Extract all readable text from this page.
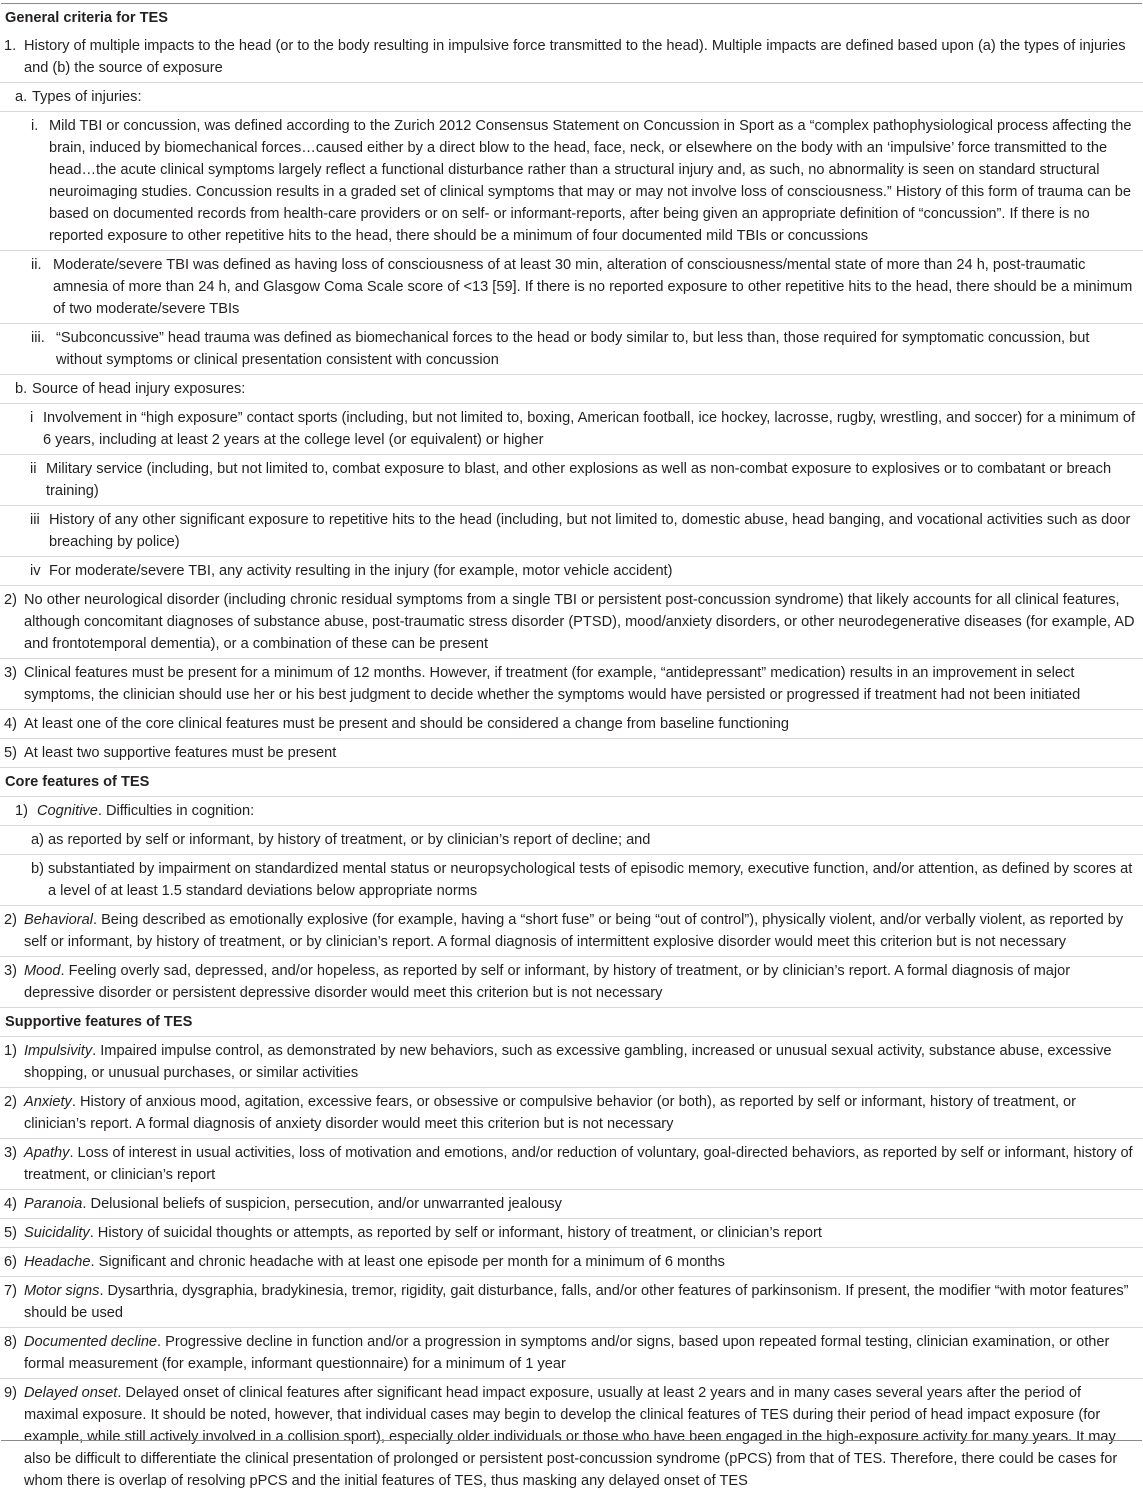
General criteria for TES
1. History of multiple impacts to the head (or to the body resulting in impulsive force transmitted to the head). Multiple impacts are defined based upon (a) the types of injuries and (b) the source of exposure
a. Types of injuries:
i. Mild TBI or concussion, was defined according to the Zurich 2012 Consensus Statement on Concussion in Sport as a “complex pathophysiological process affecting the brain, induced by biomechanical forces…caused either by a direct blow to the head, face, neck, or elsewhere on the body with an ‘impulsive’ force transmitted to the head…the acute clinical symptoms largely reflect a functional disturbance rather than a structural injury and, as such, no abnormality is seen on standard structural neuroimaging studies. Concussion results in a graded set of clinical symptoms that may or may not involve loss of consciousness.” History of this form of trauma can be based on documented records from health-care providers or on self- or informant-reports, after being given an appropriate definition of “concussion”. If there is no reported exposure to other repetitive hits to the head, there should be a minimum of four documented mild TBIs or concussions
ii. Moderate/severe TBI was defined as having loss of consciousness of at least 30 min, alteration of consciousness/mental state of more than 24 h, post-traumatic amnesia of more than 24 h, and Glasgow Coma Scale score of <13 [59]. If there is no reported exposure to other repetitive hits to the head, there should be a minimum of two moderate/severe TBIs
iii. “Subconcussive” head trauma was defined as biomechanical forces to the head or body similar to, but less than, those required for symptomatic concussion, but without symptoms or clinical presentation consistent with concussion
b. Source of head injury exposures:
i Involvement in “high exposure” contact sports (including, but not limited to, boxing, American football, ice hockey, lacrosse, rugby, wrestling, and soccer) for a minimum of 6 years, including at least 2 years at the college level (or equivalent) or higher
ii Military service (including, but not limited to, combat exposure to blast, and other explosions as well as non-combat exposure to explosives or to combatant or breach training)
iii History of any other significant exposure to repetitive hits to the head (including, but not limited to, domestic abuse, head banging, and vocational activities such as door breaching by police)
iv For moderate/severe TBI, any activity resulting in the injury (for example, motor vehicle accident)
2) No other neurological disorder (including chronic residual symptoms from a single TBI or persistent post-concussion syndrome) that likely accounts for all clinical features, although concomitant diagnoses of substance abuse, post-traumatic stress disorder (PTSD), mood/anxiety disorders, or other neurodegenerative diseases (for example, AD and frontotemporal dementia), or a combination of these can be present
3) Clinical features must be present for a minimum of 12 months. However, if treatment (for example, “antidepressant” medication) results in an improvement in select symptoms, the clinician should use her or his best judgment to decide whether the symptoms would have persisted or progressed if treatment had not been initiated
4) At least one of the core clinical features must be present and should be considered a change from baseline functioning
5) At least two supportive features must be present
Core features of TES
1) Cognitive. Difficulties in cognition:
a) as reported by self or informant, by history of treatment, or by clinician’s report of decline; and
b) substantiated by impairment on standardized mental status or neuropsychological tests of episodic memory, executive function, and/or attention, as defined by scores at a level of at least 1.5 standard deviations below appropriate norms
2) Behavioral. Being described as emotionally explosive (for example, having a “short fuse” or being “out of control”), physically violent, and/or verbally violent, as reported by self or informant, by history of treatment, or by clinician’s report. A formal diagnosis of intermittent explosive disorder would meet this criterion but is not necessary
3) Mood. Feeling overly sad, depressed, and/or hopeless, as reported by self or informant, by history of treatment, or by clinician’s report. A formal diagnosis of major depressive disorder or persistent depressive disorder would meet this criterion but is not necessary
Supportive features of TES
1) Impulsivity. Impaired impulse control, as demonstrated by new behaviors, such as excessive gambling, increased or unusual sexual activity, substance abuse, excessive shopping, or unusual purchases, or similar activities
2) Anxiety. History of anxious mood, agitation, excessive fears, or obsessive or compulsive behavior (or both), as reported by self or informant, history of treatment, or clinician’s report. A formal diagnosis of anxiety disorder would meet this criterion but is not necessary
3) Apathy. Loss of interest in usual activities, loss of motivation and emotions, and/or reduction of voluntary, goal-directed behaviors, as reported by self or informant, history of treatment, or clinician’s report
4) Paranoia. Delusional beliefs of suspicion, persecution, and/or unwarranted jealousy
5) Suicidality. History of suicidal thoughts or attempts, as reported by self or informant, history of treatment, or clinician’s report
6) Headache. Significant and chronic headache with at least one episode per month for a minimum of 6 months
7) Motor signs. Dysarthria, dysgraphia, bradykinesia, tremor, rigidity, gait disturbance, falls, and/or other features of parkinsonism. If present, the modifier “with motor features” should be used
8) Documented decline. Progressive decline in function and/or a progression in symptoms and/or signs, based upon repeated formal testing, clinician examination, or other formal measurement (for example, informant questionnaire) for a minimum of 1 year
9) Delayed onset. Delayed onset of clinical features after significant head impact exposure, usually at least 2 years and in many cases several years after the period of maximal exposure. It should be noted, however, that individual cases may begin to develop the clinical features of TES during their period of head impact exposure (for example, while still actively involved in a collision sport), especially older individuals or those who have been engaged in the high-exposure activity for many years. It may also be difficult to differentiate the clinical presentation of prolonged or persistent post-concussion syndrome (pPCS) from that of TES. Therefore, there could be cases for whom there is overlap of resolving pPCS and the initial features of TES, thus masking any delayed onset of TES
